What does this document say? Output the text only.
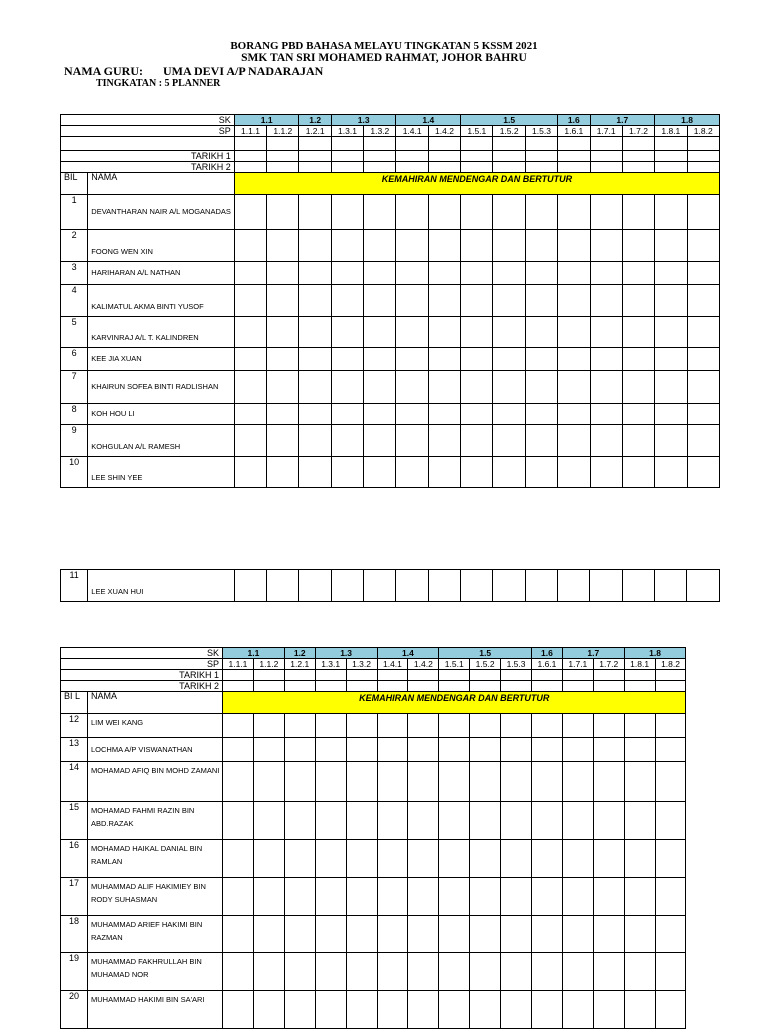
BORANG PBD BAHASA MELAYU TINGKATAN 5 KSSM 2021
SMK TAN SRI MOHAMED RAHMAT, JOHOR BAHRU
NAMA GURU: UMA DEVI A/P NADARAJAN
TINGKATAN : 5 PLANNER
SK		1.1		1.2	1.3		1.4		1.5			1.6	1.7		1.8	
SP		1.1.1	1.1.2	1.2.1	1.3.1	1.3.2	1.4.1	1.4.2	1.5.1	1.5.2	1.5.3	1.6.1	1.7.1	1.7.2	1.8.1	1.8.2

TARIKH 1																
TARIKH 2																
BIL	NAMA	KEMAHIRAN MENDENGAR DAN BERTUTUR														
1	DEVANTHARAN NAIR A/L MOGANADAS															
2	FOONG WEN XIN															
3	HARIHARAN A/L NATHAN															
4	KALIMATUL AKMA BINTI YUSOF															
5	KARVINRAJ A/L T. KALINDREN															
6	KEE JIA XUAN															
7	KHAIRUN SOFEA BINTI RADLISHAN															
8	KOH HOU LI															
9	KOHGULAN A/L RAMESH															
10	LEE SHIN YEE															
11	LEE XUAN HUI															
SK		1.1		1.2	1.3		1.4		1.5			1.6	1.7		1.8	
SP		1.1.1	1.1.2	1.2.1	1.3.1	1.3.2	1.4.1	1.4.2	1.5.1	1.5.2	1.5.3	1.6.1	1.7.1	1.7.2	1.8.1	1.8.2
TARIKH 1																
TARIKH 2																
BI L	NAMA	KEMAHIRAN MENDENGAR DAN BERTUTUR														
12	LIM WEI KANG															
13	LOCHMA A/P VISWANATHAN															
14	MOHAMAD AFIQ BIN MOHD ZAMANI															
15	MOHAMAD FAHMI RAZIN BIN ABD.RAZAK															
16	MOHAMAD HAIKAL DANIAL BIN RAMLAN															
17	MUHAMMAD ALIF HAKIMIEY BIN RODY SUHASMAN															
18	MUHAMMAD ARIEF HAKIMI BIN RAZMAN															
19	MUHAMMAD FAKHRULLAH BIN MUHAMAD NOR															
20	MUHAMMAD HAKIMI BIN SA'ARI															
